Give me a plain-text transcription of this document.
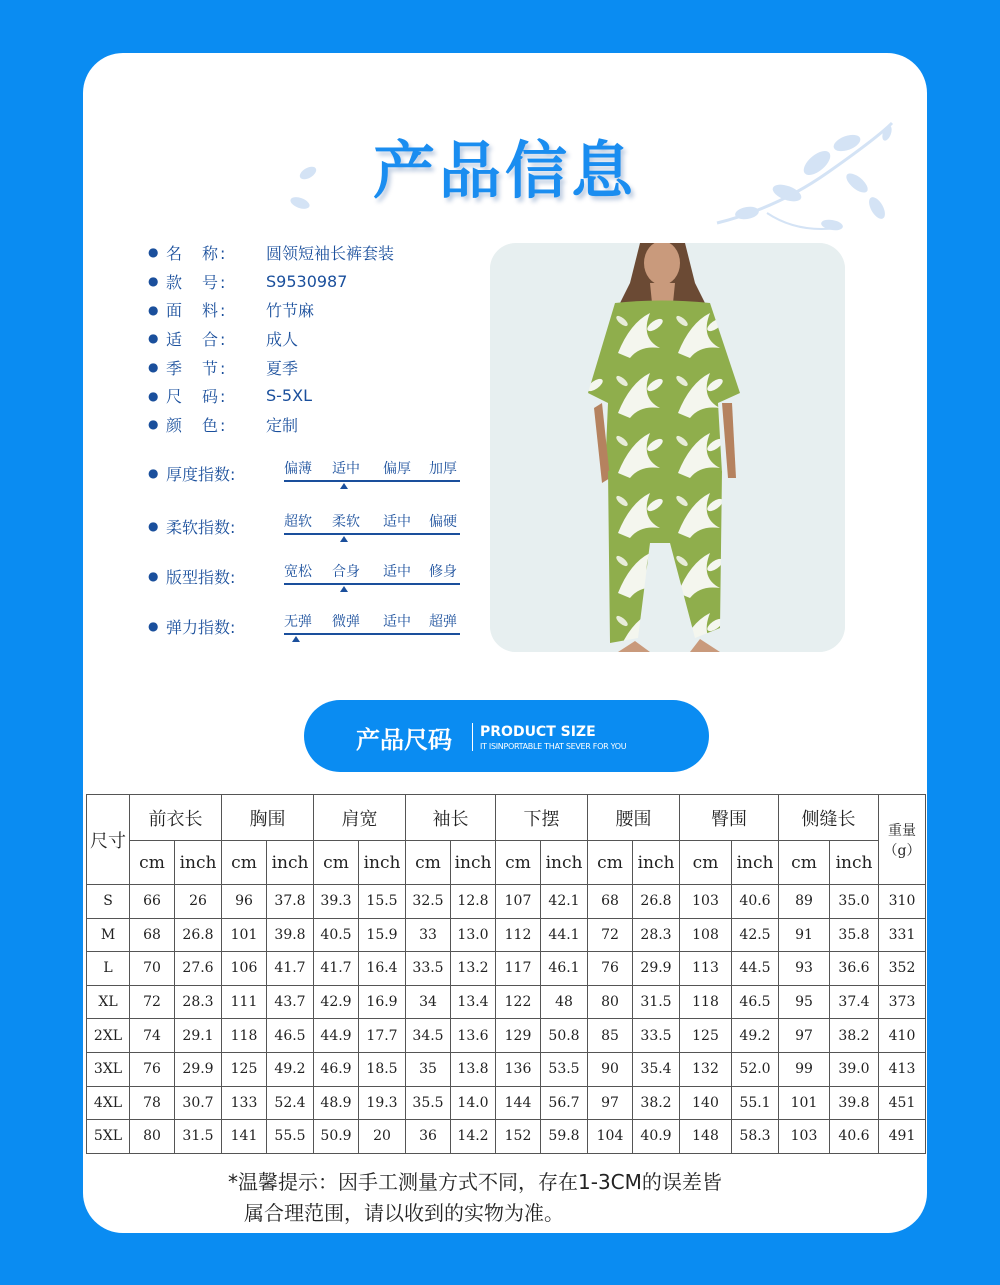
产品信息
● 名　称:	圆领短袖长裤套装
● 款　号:	S9530987
● 面　料:	竹节麻
● 适　合:	成人
● 季　节:	夏季
● 尺　码:	S-5XL
● 颜　色:	定制
● 厚度指数:	偏薄 适中 偏厚 加厚
● 柔软指数:	超软 柔软 适中 偏硬
● 版型指数:	宽松 合身 适中 修身
● 弹力指数:	无弹 微弹 适中 超弹
产品尺码 PRODUCT SIZE
IT ISINPORTABLE THAT SEVER FOR YOU
尺寸	前衣长		胸围		肩宽		袖长		下摆		腰围		臀围		侧缝长		重量
（g）
	cm	inch	cm	inch	cm	inch	cm	inch	cm	inch	cm	inch	cm	inch	cm	inch	
S	66	26	96	37.8	39.3	15.5	32.5	12.8	107	42.1	68	26.8	103	40.6	89	35.0	310
M	68	26.8	101	39.8	40.5	15.9	33	13.0	112	44.1	72	28.3	108	42.5	91	35.8	331
L	70	27.6	106	41.7	41.7	16.4	33.5	13.2	117	46.1	76	29.9	113	44.5	93	36.6	352
XL	72	28.3	111	43.7	42.9	16.9	34	13.4	122	48	80	31.5	118	46.5	95	37.4	373
2XL	74	29.1	118	46.5	44.9	17.7	34.5	13.6	129	50.8	85	33.5	125	49.2	97	38.2	410
3XL	76	29.9	125	49.2	46.9	18.5	35	13.8	136	53.5	90	35.4	132	52.0	99	39.0	413
4XL	78	30.7	133	52.4	48.9	19.3	35.5	14.0	144	56.7	97	38.2	140	55.1	101	39.8	451
5XL	80	31.5	141	55.5	50.9	20	36	14.2	152	59.8	104	40.9	148	58.3	103	40.6	491
*温馨提示：因手工测量方式不同，存在1-3CM的误差皆
属合理范围，请以收到的实物为准。
